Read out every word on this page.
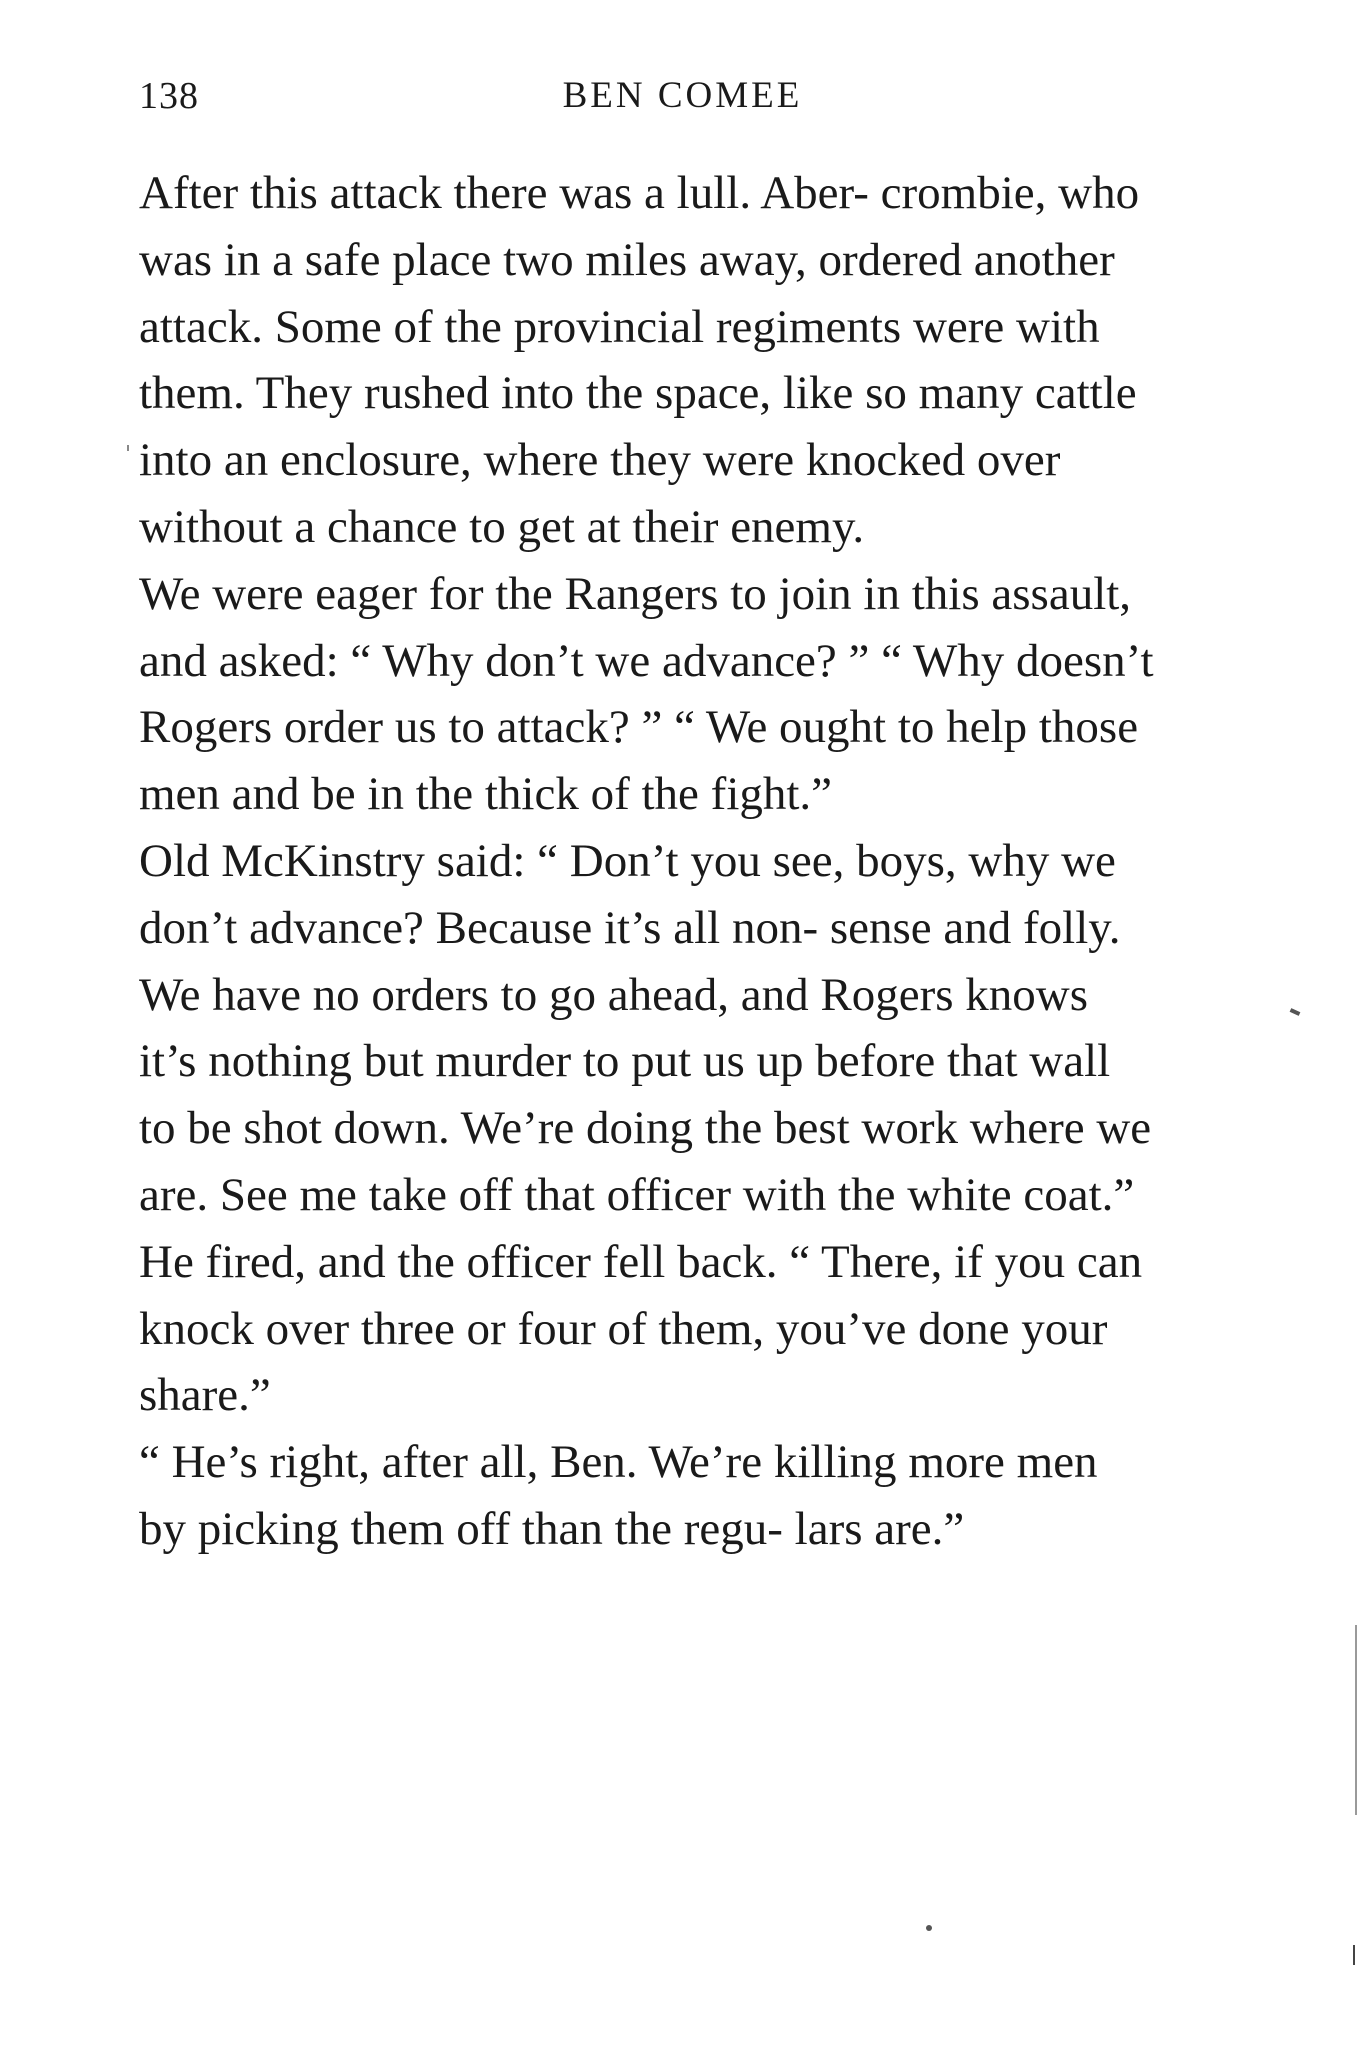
138	BEN COMEE
After this attack there was a lull. Aber- crombie, who was in a safe place two miles away, ordered another attack. Some of the provincial regiments were with them. They rushed into the space, like so many cattle into an enclosure, where they were knocked over without a chance to get at their enemy.
We were eager for the Rangers to join in this assault, and asked: “ Why don’t we advance? ” “ Why doesn’t Rogers order us to attack? ” “ We ought to help those men and be in the thick of the fight.”
Old McKinstry said: “ Don’t you see, boys, why we don’t advance? Because it’s all non- sense and folly. We have no orders to go ahead, and Rogers knows it’s nothing but murder to put us up before that wall to be shot down. We’re doing the best work where we are. See me take off that officer with the white coat.” He fired, and the officer fell back. “ There, if you can knock over three or four of them, you’ve done your share.”
“ He’s right, after all, Ben. We’re killing more men by picking them off than the regu- lars are.”
